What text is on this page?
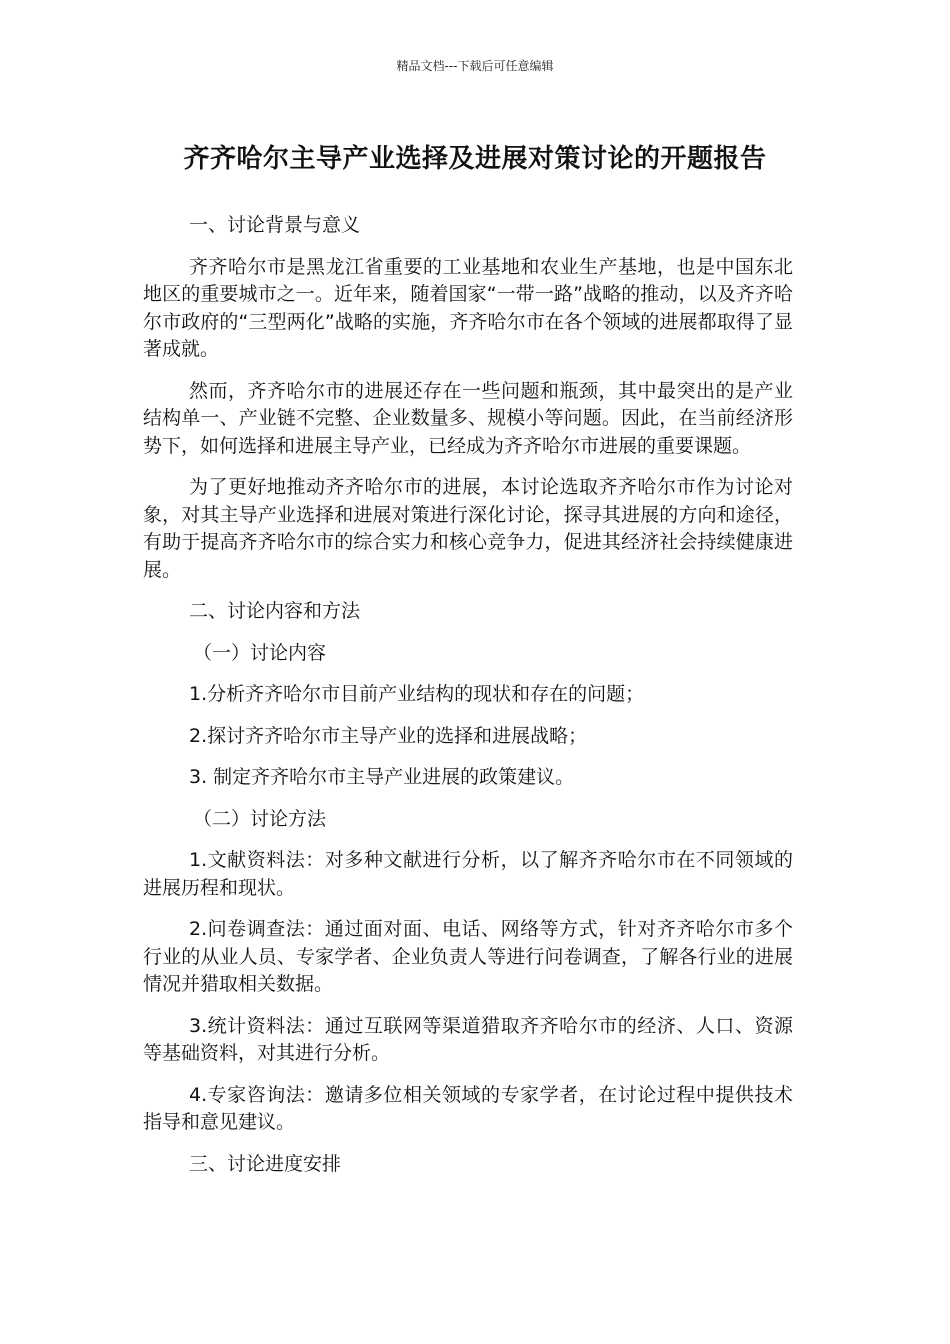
精品文档---下载后可任意编辑
齐齐哈尔主导产业选择及进展对策讨论的开题报告
一、讨论背景与意义
齐齐哈尔市是黑龙江省重要的工业基地和农业生产基地，也是中国东北地区的重要城市之一。近年来，随着国家“一带一路”战略的推动，以及齐齐哈尔市政府的“三型两化”战略的实施，齐齐哈尔市在各个领域的进展都取得了显著成就。
然而，齐齐哈尔市的进展还存在一些问题和瓶颈，其中最突出的是产业结构单一、产业链不完整、企业数量多、规模小等问题。因此，在当前经济形势下，如何选择和进展主导产业，已经成为齐齐哈尔市进展的重要课题。
为了更好地推动齐齐哈尔市的进展，本讨论选取齐齐哈尔市作为讨论对象，对其主导产业选择和进展对策进行深化讨论，探寻其进展的方向和途径，有助于提高齐齐哈尔市的综合实力和核心竞争力，促进其经济社会持续健康进展。
二、讨论内容和方法
（一）讨论内容
1.分析齐齐哈尔市目前产业结构的现状和存在的问题；
2.探讨齐齐哈尔市主导产业的选择和进展战略；
3. 制定齐齐哈尔市主导产业进展的政策建议。
（二）讨论方法
1.文献资料法：对多种文献进行分析，以了解齐齐哈尔市在不同领域的进展历程和现状。
2.问卷调查法：通过面对面、电话、网络等方式，针对齐齐哈尔市多个行业的从业人员、专家学者、企业负责人等进行问卷调查，了解各行业的进展情况并猎取相关数据。
3.统计资料法：通过互联网等渠道猎取齐齐哈尔市的经济、人口、资源等基础资料，对其进行分析。
4.专家咨询法：邀请多位相关领域的专家学者，在讨论过程中提供技术指导和意见建议。
三、讨论进度安排
